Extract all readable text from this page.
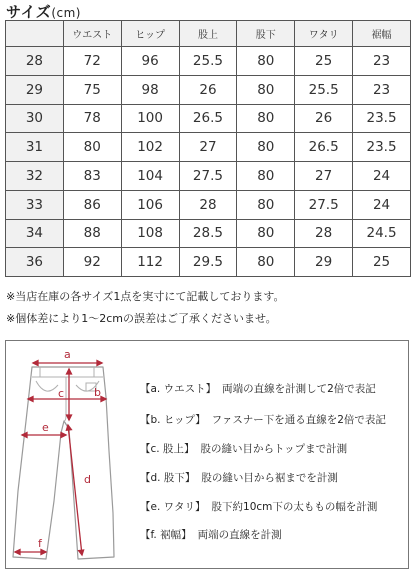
サイズ(cm)
	ウエスト	ヒップ	股上	股下	ワタリ	裾幅
28	72	96	25.5	80	25	23
29	75	98	26	80	25.5	23
30	78	100	26.5	80	26	23.5
31	80	102	27	80	26.5	23.5
32	83	104	27.5	80	27	24
33	86	106	28	80	27.5	24
34	88	108	28.5	80	28	24.5
36	92	112	29.5	80	29	25
※当店在庫の各サイズ1点を実寸にて記載しております。
※個体差により1〜2cmの誤差はご了承くださいませ。
a
b
c
d
e
f
【a. ウエスト】 両端の直線を計測して2倍で表記
【b. ヒップ】 ファスナー下を通る直線を2倍で表記
【c. 股上】 股の縫い目からトップまで計測
【d. 股下】 股の縫い目から裾までを計測
【e. ワタリ】 股下約10cm下の太ももの幅を計測
【f. 裾幅】 両端の直線を計測
